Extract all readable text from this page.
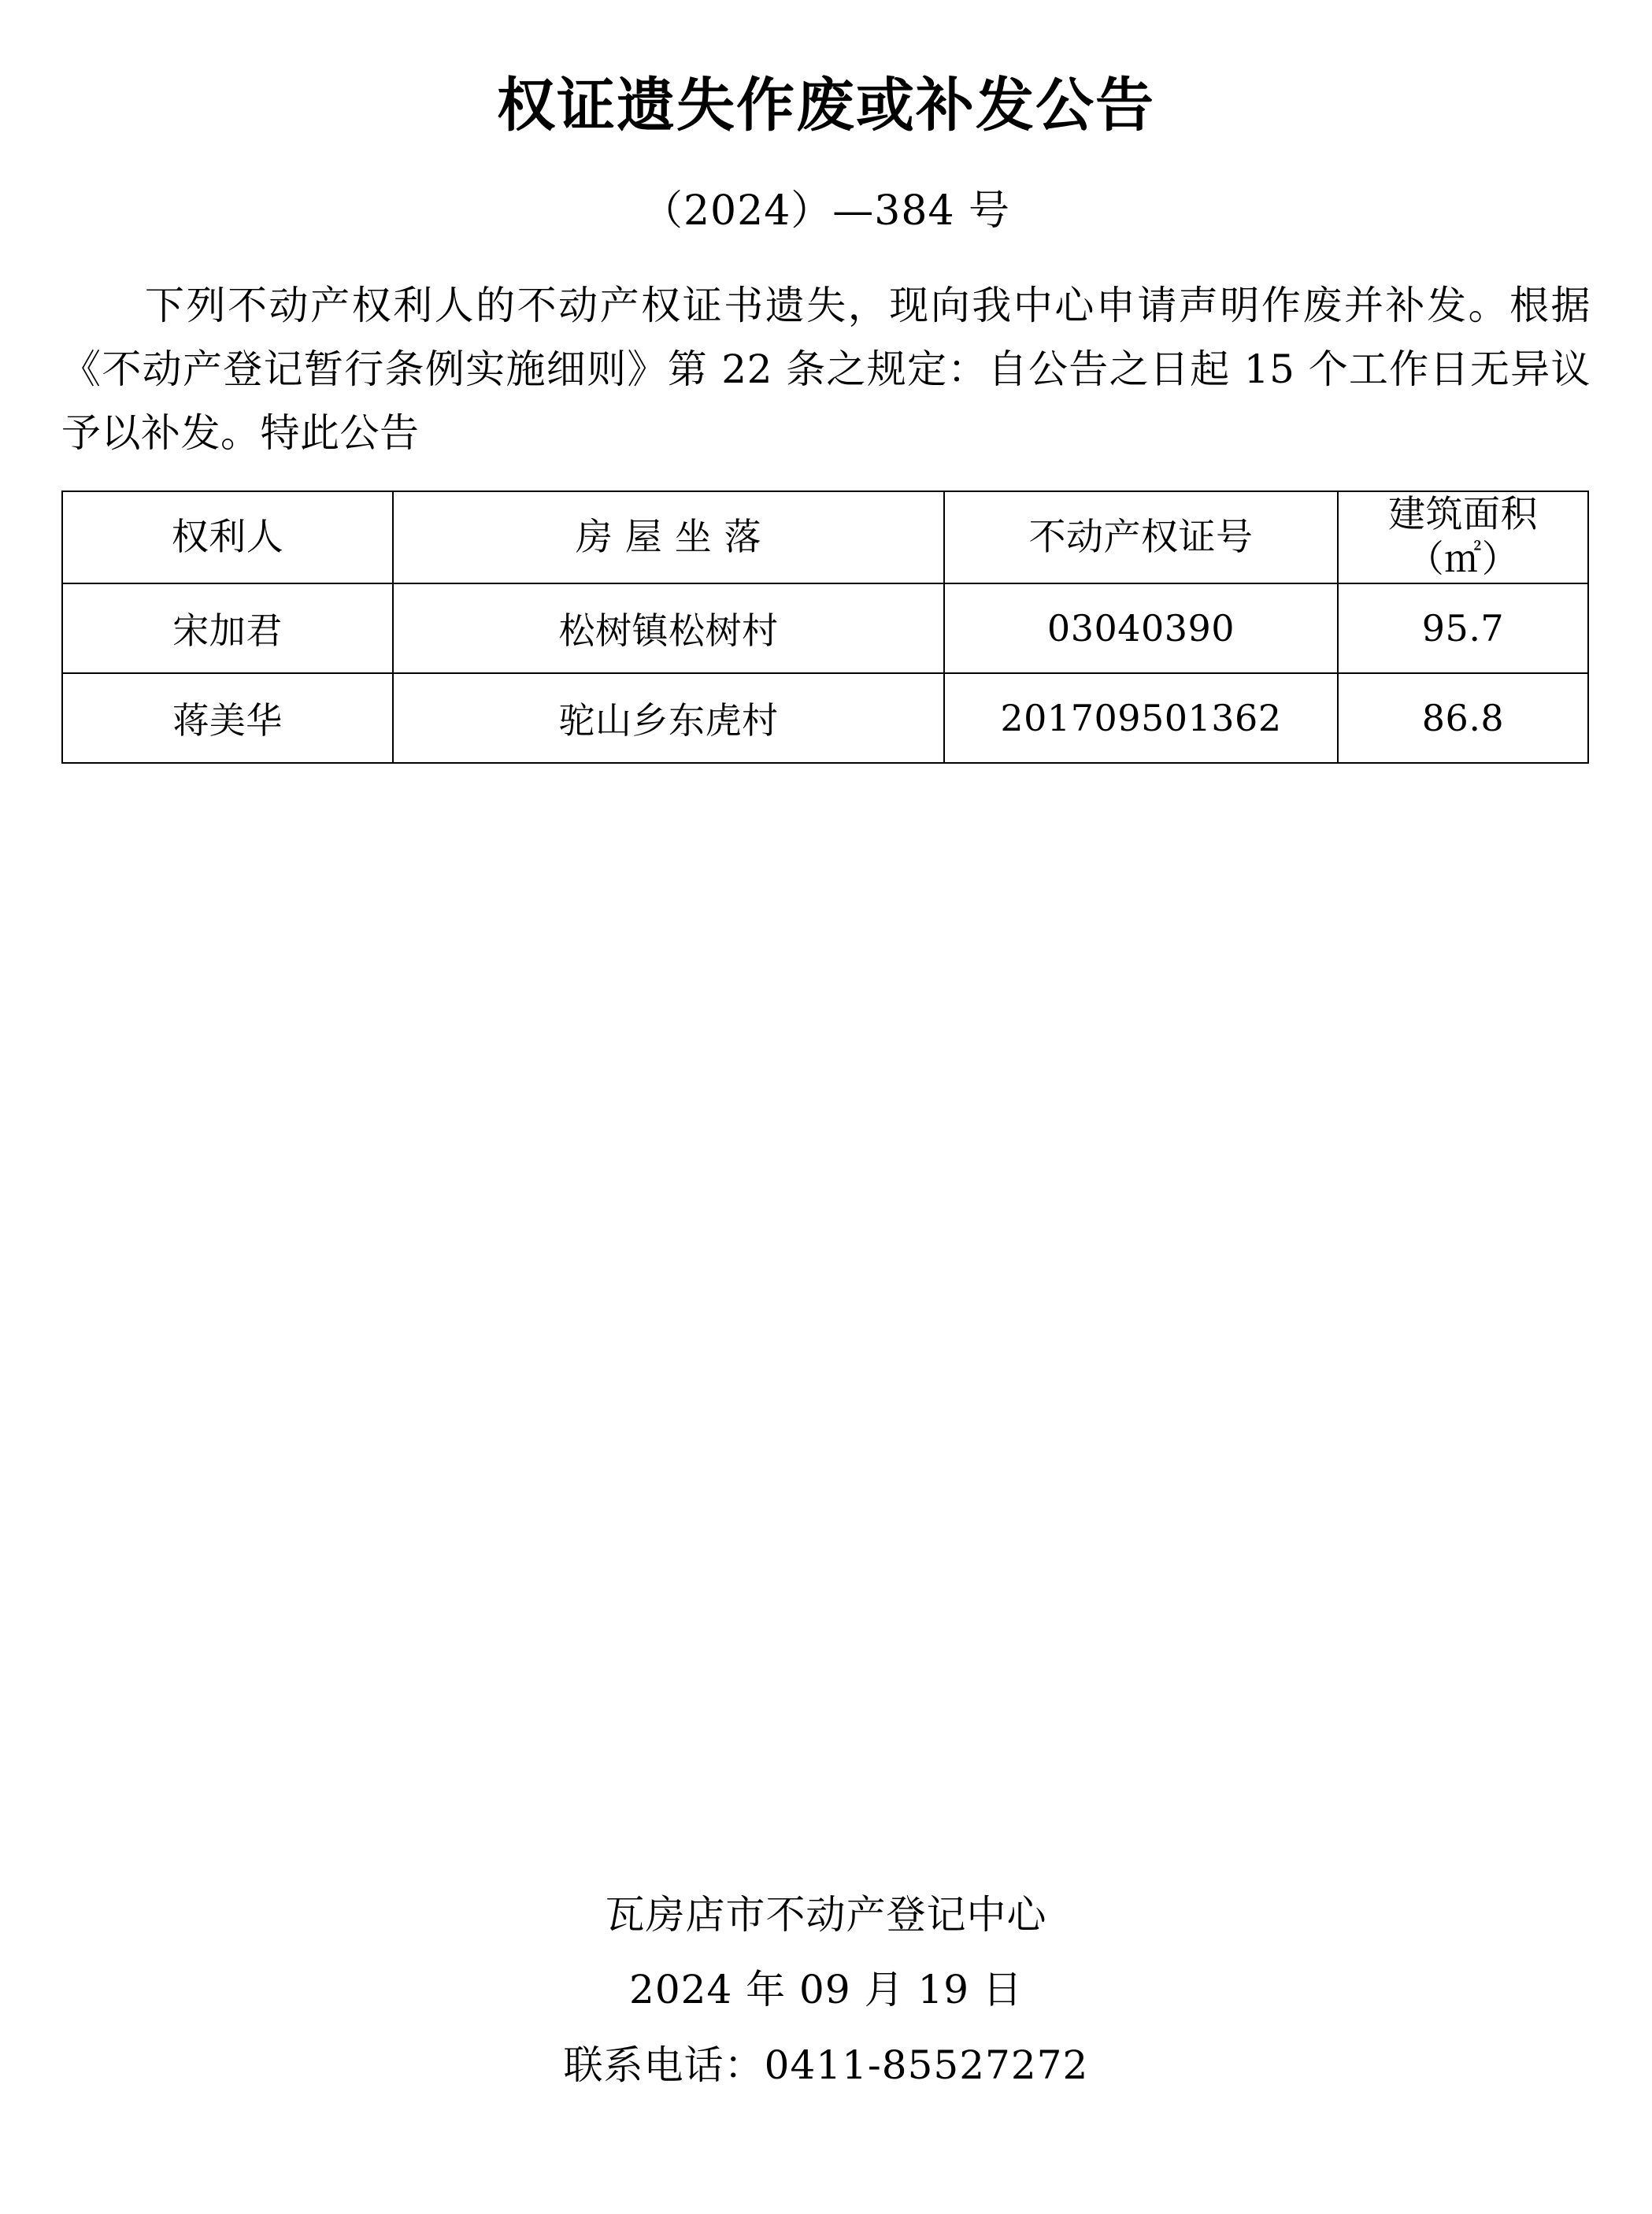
权证遗失作废或补发公告
（2024）—384 号

下列不动产权利人的不动产权证书遗失，现向我中心申请声明作废并补发。根据《不动产登记暂行条例实施细则》第 22 条之规定：自公告之日起 15 个工作日无异议予以补发。特此公告

权利人	房 屋 坐 落	不动产权证号	建筑面积
（㎡）
宋加君	松树镇松树村	03040390	95.7
蒋美华	驼山乡东虎村	201709501362	86.8
瓦房店市不动产登记中心
2024 年 09 月 19 日
联系电话：0411-85527272
